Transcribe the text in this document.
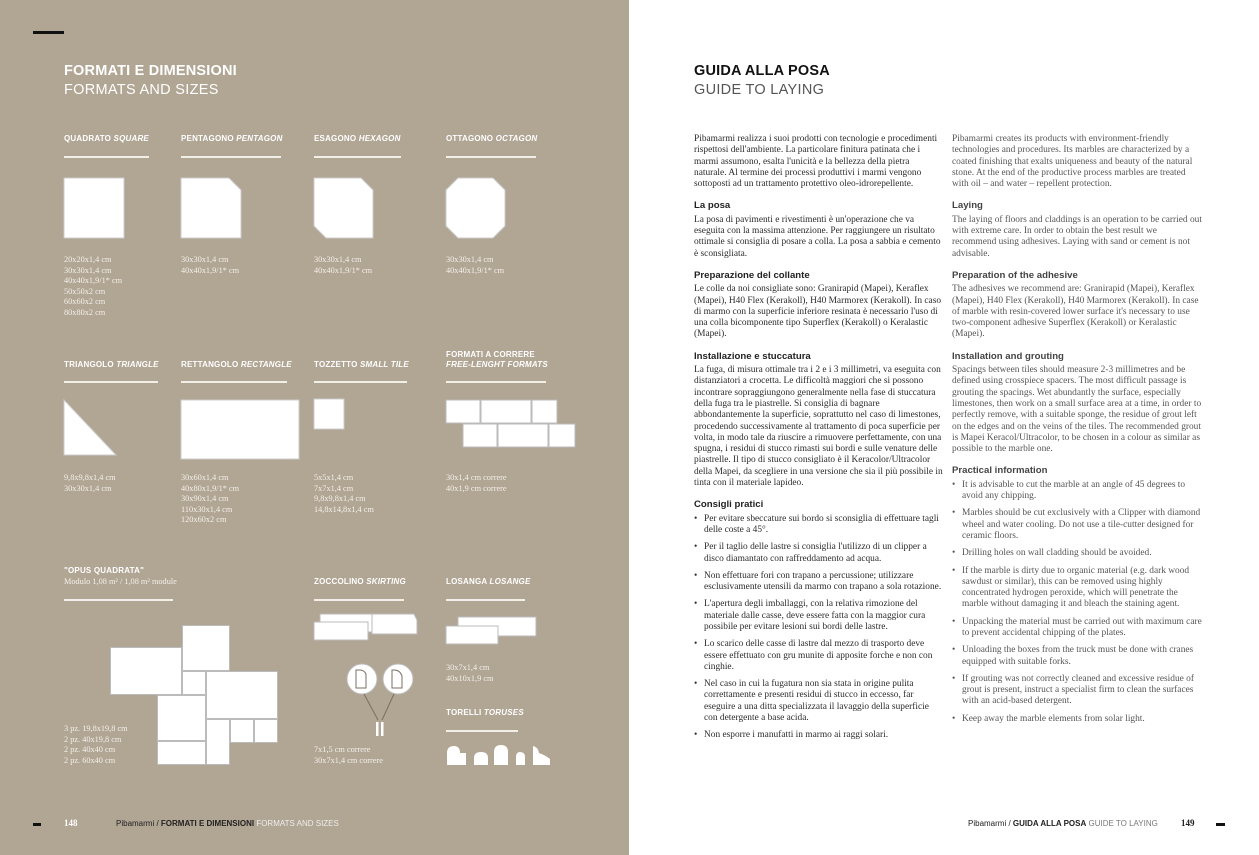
FORMATI E DIMENSIONI
FORMATS AND SIZES
QUADRATO SQUARE
20x20x1,4 cm
30x30x1,4 cm
40x40x1,9/1* cm
50x50x2 cm
60x60x2 cm
80x80x2 cm
PENTAGONO PENTAGON
30x30x1,4 cm
40x40x1,9/1* cm
ESAGONO HEXAGON
30x30x1,4 cm
40x40x1,9/1* cm
OTTAGONO OCTAGON
30x30x1,4 cm
40x40x1,9/1* cm
TRIANGOLO TRIANGLE
9,8x9,8x1,4 cm
30x30x1,4 cm
RETTANGOLO RECTANGLE
30x60x1,4 cm
40x80x1,9/1* cm
30x90x1,4 cm
110x30x1,4 cm
120x60x2 cm
TOZZETTO SMALL TILE
5x5x1,4 cm
7x7x1,4 cm
9,8x9,8x1,4 cm
14,8x14,8x1,4 cm
FORMATI A CORRERE
FREE-LENGHT FORMATS
30x1,4 cm correre
40x1,9 cm correre
"OPUS QUADRATA"
Modulo 1,08 m² / 1,08 m² module
3 pz. 19,8x19,8 cm
2 pz. 40x19,8 cm
2 pz. 40x40 cm
2 pz. 60x40 cm
ZOCCOLINO SKIRTING
7x1,5 cm correre
30x7x1,4 cm correre
LOSANGA LOSANGE
30x7x1,4 cm
40x10x1,9 cm
TORELLI TORUSES
148	Pibamarmi / FORMATI E DIMENSIONI FORMATS AND SIZES
GUIDA ALLA POSA
GUIDE TO LAYING

Pibamarmi realizza i suoi prodotti con tecnologie e procedimenti rispettosi dell'ambiente. La particolare finitura patinata che i marmi assumono, esalta l'unicità e la bellezza della pietra naturale. Al termine dei processi produttivi i marmi vengono sottoposti ad un trattamento protettivo oleo-idrorepellente.

La posa

La posa di pavimenti e rivestimenti è un'operazione che va eseguita con la massima attenzione. Per raggiungere un risultato ottimale si consiglia di posare a colla. La posa a sabbia e cemento è sconsigliata.

Preparazione del collante

Le colle da noi consigliate sono: Granirapid (Mapei), Keraflex (Mapei), H40 Flex (Kerakoll), H40 Marmorex (Kerakoll). In caso di marmo con la superficie inferiore resinata è necessario l'uso di una colla bicomponente tipo Superflex (Kerakoll) o Keralastic (Mapei).

Installazione e stuccatura

La fuga, di misura ottimale tra i 2 e i 3 millimetri, va eseguita con distanziatori a crocetta. Le difficoltà maggiori che si possono incontrare sopraggiungono generalmente nella fase di stuccatura della fuga tra le piastrelle. Si consiglia di bagnare abbondantemente la superficie, soprattutto nel caso di limestones, procedendo successivamente al trattamento di poca superficie per volta, in modo tale da riuscire a rimuovere perfettamente, con una spugna, i residui di stucco rimasti sui bordi e sulle venature delle piastrelle. Il tipo di stucco consigliato è il Keracolor/Ultracolor della Mapei, da scegliere in una versione che sia il più possibile in tinta con il materiale lapideo.

Consigli pratici
• Per evitare sbeccature sui bordo si sconsiglia di effettuare tagli delle coste a 45°.
• Per il taglio delle lastre si consiglia l'utilizzo di un clipper a disco diamantato con raffreddamento ad acqua.
• Non effettuare fori con trapano a percussione; utilizzare esclusivamente utensili da marmo con trapano a sola rotazione.
• L'apertura degli imballaggi, con la relativa rimozione del materiale dalle casse, deve essere fatta con la maggior cura possibile per evitare lesioni sui bordi delle lastre.
• Lo scarico delle casse di lastre dal mezzo di trasporto deve essere effettuato con gru munite di apposite forche e non con cinghie.
• Nel caso in cui la fugatura non sia stata in origine pulita correttamente e presenti residui di stucco in eccesso, far eseguire a una ditta specializzata il lavaggio della superficie con detergente a base acida.
• Non esporre i manufatti in marmo ai raggi solari.

Pibamarmi creates its products with environment-friendly technologies and procedures. Its marbles are characterized by a coated finishing that exalts uniqueness and beauty of the natural stone. At the end of the productive process marbles are treated with oil – and water – repellent protection.

Laying

The laying of floors and claddings is an operation to be carried out with extreme care. In order to obtain the best result we recommend using adhesives. Laying with sand or cement is not advisable.

Preparation of the adhesive

The adhesives we recommend are: Granirapid (Mapei), Keraflex (Mapei), H40 Flex (Kerakoll), H40 Marmorex (Kerakoll). In case of marble with resin-covered lower surface it's necessary to use two-component adhesive Superflex (Kerakoll) or Keralastic (Mapei).

Installation and grouting

Spacings between tiles should measure 2-3 millimetres and be defined using crosspiece spacers. The most difficult passage is grouting the spacings. Wet abundantly the surface, especially limestones, then work on a small surface area at a time, in order to perfectly remove, with a suitable sponge, the residue of grout left on the edges and on the veins of the tiles. The recommended grout is Mapei Keracol/Ultracolor, to be chosen in a colour as similar as possible to the marble one.

Practical information
• It is advisable to cut the marble at an angle of 45 degrees to avoid any chipping.
• Marbles should be cut exclusively with a Clipper with diamond wheel and water cooling. Do not use a tile-cutter designed for ceramic floors.
• Drilling holes on wall cladding should be avoided.
• If the marble is dirty due to organic material (e.g. dark wood sawdust or similar), this can be removed using highly concentrated hydrogen peroxide, which will penetrate the marble without damaging it and bleach the staining agent.
• Unpacking the material must be carried out with maximum care to prevent accidental chipping of the plates.
• Unloading the boxes from the truck must be done with cranes equipped with suitable forks.
• If grouting was not correctly cleaned and excessive residue of grout is present, instruct a specialist firm to clean the surfaces with an acid-based detergent.
• Keep away the marble elements from solar light.
Pibamarmi / GUIDA ALLA POSA GUIDE TO LAYING	149
